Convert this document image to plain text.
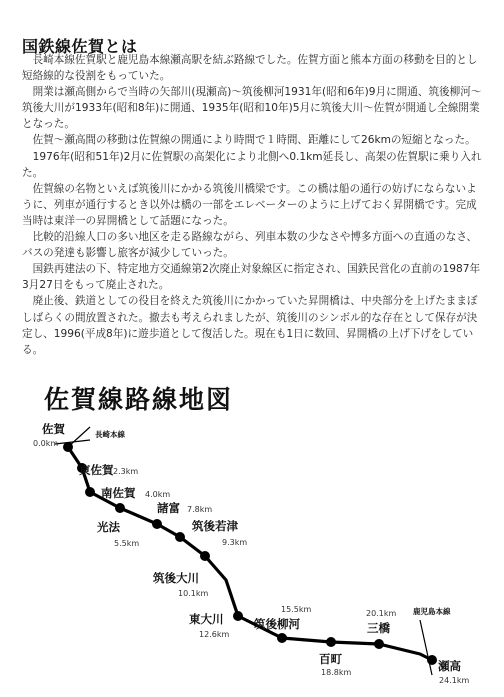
国鉄線佐賀とは

長崎本線佐賀駅と鹿児島本線瀬高駅を結ぶ路線でした。佐賀方面と熊本方面の移動を目的とし短絡線的な役割をもっていた。

開業は瀬高側からで当時の矢部川(現瀬高)～筑後柳河1931年(昭和6年)9月に開通、筑後柳河～筑後大川が1933年(昭和8年)に開通、1935年(昭和10年)5月に筑後大川～佐賀が開通し全線開業となった。

佐賀～瀬高間の移動は佐賀線の開通により時間で１時間、距離にして26kmの短縮となった。

1976年(昭和51年)2月に佐賀駅の高架化により北側へ0.1km延長し、高架の佐賀駅に乗り入れた。

佐賀線の名物といえば筑後川にかかる筑後川橋梁です。この橋は船の通行の妨げにならないように、列車が通行するとき以外は橋の一部をエレベーターのように上げておく昇開橋です。完成当時は東洋一の昇開橋として話題になった。

比較的沿線人口の多い地区を走る路線ながら、列車本数の少なさや博多方面への直通のなさ、バスの発達も影響し旅客が減少していった。

国鉄再建法の下、特定地方交通線第2次廃止対象線区に指定され、国鉄民営化の直前の1987年3月27日をもって廃止された。

廃止後、鉄道としての役目を終えた筑後川にかかっていた昇開橋は、中央部分を上げたままぼしばらくの間放置された。撤去も考えられましたが、筑後川のシンボル的な存在として保存が決定し、1996(平成8年)に遊歩道として復活した。現在も1日に数回、昇開橋の上げ下げをしている。

佐賀線路線地図
長崎本線
鹿児島本線
佐賀
0.0km
東佐賀 2.3km
南佐賀 4.0km
光法
5.5km
諸富 7.8km
筑後若津
9.3km
筑後大川
10.1km
東大川
12.6km
筑後柳河
15.5km
百町
18.8km
三橋
20.1km
瀬高
24.1km
